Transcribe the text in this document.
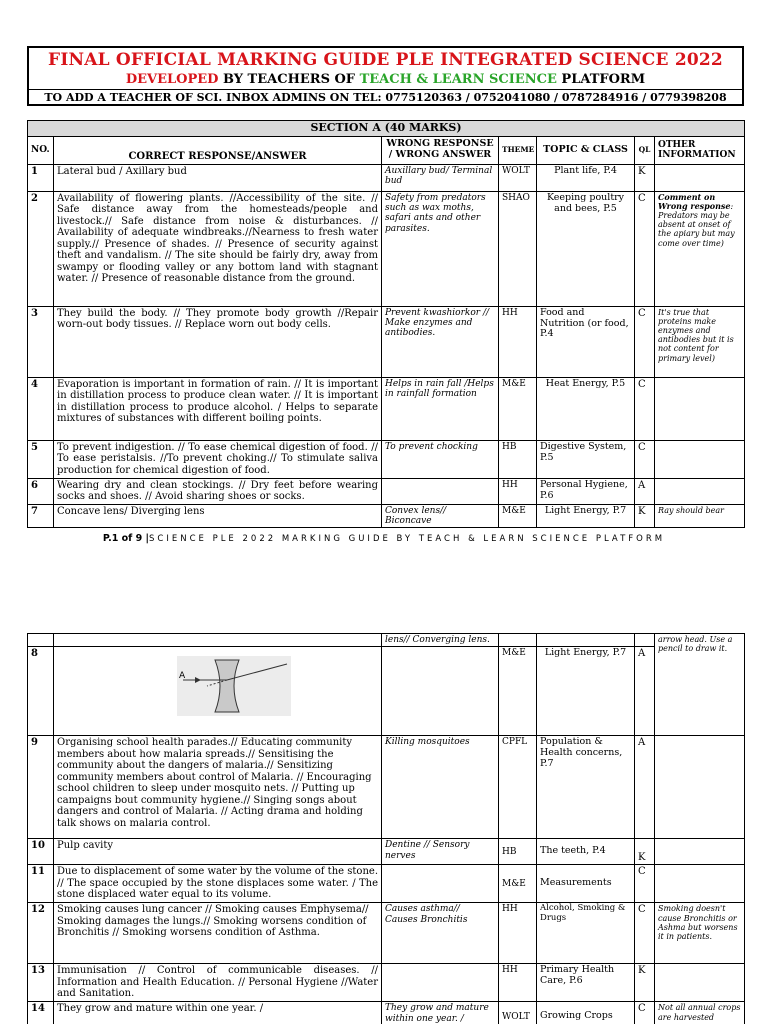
FINAL OFFICIAL MARKING GUIDE PLE INTEGRATED SCIENCE 2022
DEVELOPED BY TEACHERS OF TEACH & LEARN SCIENCE PLATFORM
TO ADD A TEACHER OF SCI. INBOX ADMINS ON TEL: 0775120363 / 0752041080 / 0787284916 / 0779398208
SECTION A (40 MARKS)						
NO.	CORRECT RESPONSE/ANSWER	WRONG RESPONSE / WRONG ANSWER	THEME	TOPIC & CLASS	QL	OTHER INFORMATION
1	Lateral bud / Axillary bud	Auxillary bud/ Terminal bud	WOLT	Plant life, P.4	K	
2	Availability of flowering plants. //Accessibility of the site. // Safe distance away from the homesteads/people and livestock.// Safe distance from noise & disturbances. // Availability of adequate windbreaks.//Nearness to fresh water supply.// Presence of shades. // Presence of security against theft and vandalism. // The site should be fairly dry, away from swampy or flooding valley or any bottom land with stagnant water. // Presence of reasonable distance from the ground.	Safety from predators such as wax moths, safari ants and other parasites.	SHAO	Keeping poultry and bees, P.5	C	Comment on Wrong response: Predators may be absent at onset of the apiary but may come over time)
3	They build the body. // They promote body growth //Repair worn-out body tissues. // Replace worn out body cells.	Prevent kwashiorkor // Make enzymes and antibodies.	HH	Food and Nutrition (or food, P.4	C	It's true that proteins make enzymes and antibodies but it is not content for primary level)
4	Evaporation is important in formation of rain. // It is important in distillation process to produce clean water. // It is important in distillation process to produce alcohol. / Helps to separate mixtures of substances with different boiling points.	Helps in rain fall /Helps in rainfall formation	M&E	Heat Energy, P.5	C	
5	To prevent indigestion. // To ease chemical digestion of food. // To ease peristalsis. //To prevent choking.// To stimulate saliva production for chemical digestion of food.	To prevent chocking	HB	Digestive System, P.5	C	
6	Wearing dry and clean stockings. // Dry feet before wearing socks and shoes. // Avoid sharing shoes or socks.		HH	Personal Hygiene, P.6	A	
7	Concave lens/ Diverging lens	Convex lens// Biconcave	M&E	Light Energy, P.7	K	Ray should bear
P.1 of 9 |SCIENCE PLE 2022 MARKING GUIDE BY TEACH & LEARN SCIENCE PLATFORM
		lens// Converging lens.				arrow head. Use a pencil to draw it.
8	A		M&E	Light Energy, P.7	A	
9	Organising school health parades.// Educating community members about how malaria spreads.// Sensitising the community about the dangers of malaria.// Sensitizing community members about control of Malaria. // Encouraging school children to sleep under mosquito nets. // Putting up campaigns bout community hygiene.// Singing songs about dangers and control of Malaria. // Acting drama and holding talk shows on malaria control.	Killing mosquitoes	CPFL	Population & Health concerns, P.7	A	
10	Pulp cavity	Dentine // Sensory nerves	HB	The teeth, P.4	K	
11	Due to displacement of some water by the volume of the stone. // The space occupied by the stone displaces some water. / The stone displaced water equal to its volume.		M&E	Measurements	C	
12	Smoking causes lung cancer // Smoking causes Emphysema// Smoking damages the lungs.// Smoking worsens condition of Bronchitis // Smoking worsens condition of Asthma.	Causes asthma// Causes Bronchitis	HH	Alcohol, Smoking & Drugs	C	Smoking doesn't cause Bronchitis or Ashma but worsens it in patients.
13	Immunisation // Control of communicable diseases. // Information and Health Education. // Personal Hygiene //Water and Sanitation.		HH	Primary Health Care, P.6	K	
14	They grow and mature within one year. /	They grow and mature within one year. /	WOLT	Growing Crops	C	Not all annual crops are harvested
